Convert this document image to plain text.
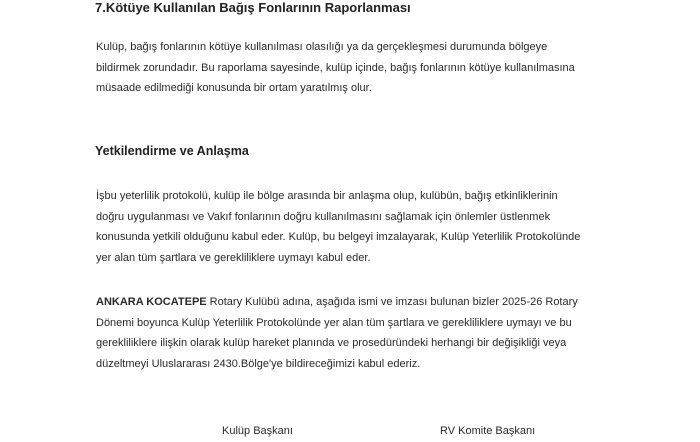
7.Kötüye Kullanılan Bağış Fonlarının Raporlanması
Kulüp, bağış fonlarının kötüye kullanılması olasılığı ya da gerçekleşmesi durumunda bölgeye
bildirmek zorundadır. Bu raporlama sayesinde, kulüp içinde, bağış fonlarının kötüye kullanılmasına
müsaade edilmediği konusunda bir ortam yaratılmış olur.
Yetkilendirme ve Anlaşma
İşbu yeterlilik protokolü, kulüp ile bölge arasında bir anlaşma olup, kulübün, bağış etkinliklerinin
doğru uygulanması ve Vakıf fonlarının doğru kullanılmasını sağlamak için önlemler üstlenmek
konusunda yetkili olduğunu kabul eder. Kulüp, bu belgeyi imzalayarak, Kulüp Yeterlilik Protokolünde
yer alan tüm şartlara ve gerekliliklere uymayı kabul eder.
ANKARA KOCATEPE Rotary Kulübü adına, aşağıda ismi ve imzası bulunan bizler 2025-26 Rotary
Dönemi boyunca Kulüp Yeterlilik Protokolünde yer alan tüm şartlara ve gerekliliklere uymayı ve bu
gerekliliklere ilişkin olarak kulüp hareket planında ve prosedüründeki herhangi bir değişikliği veya
düzeltmeyi Uluslararası 2430.Bölge'ye bildireceğimizi kabul ederiz.
Kulüp Başkanı	RV Komite Başkanı
